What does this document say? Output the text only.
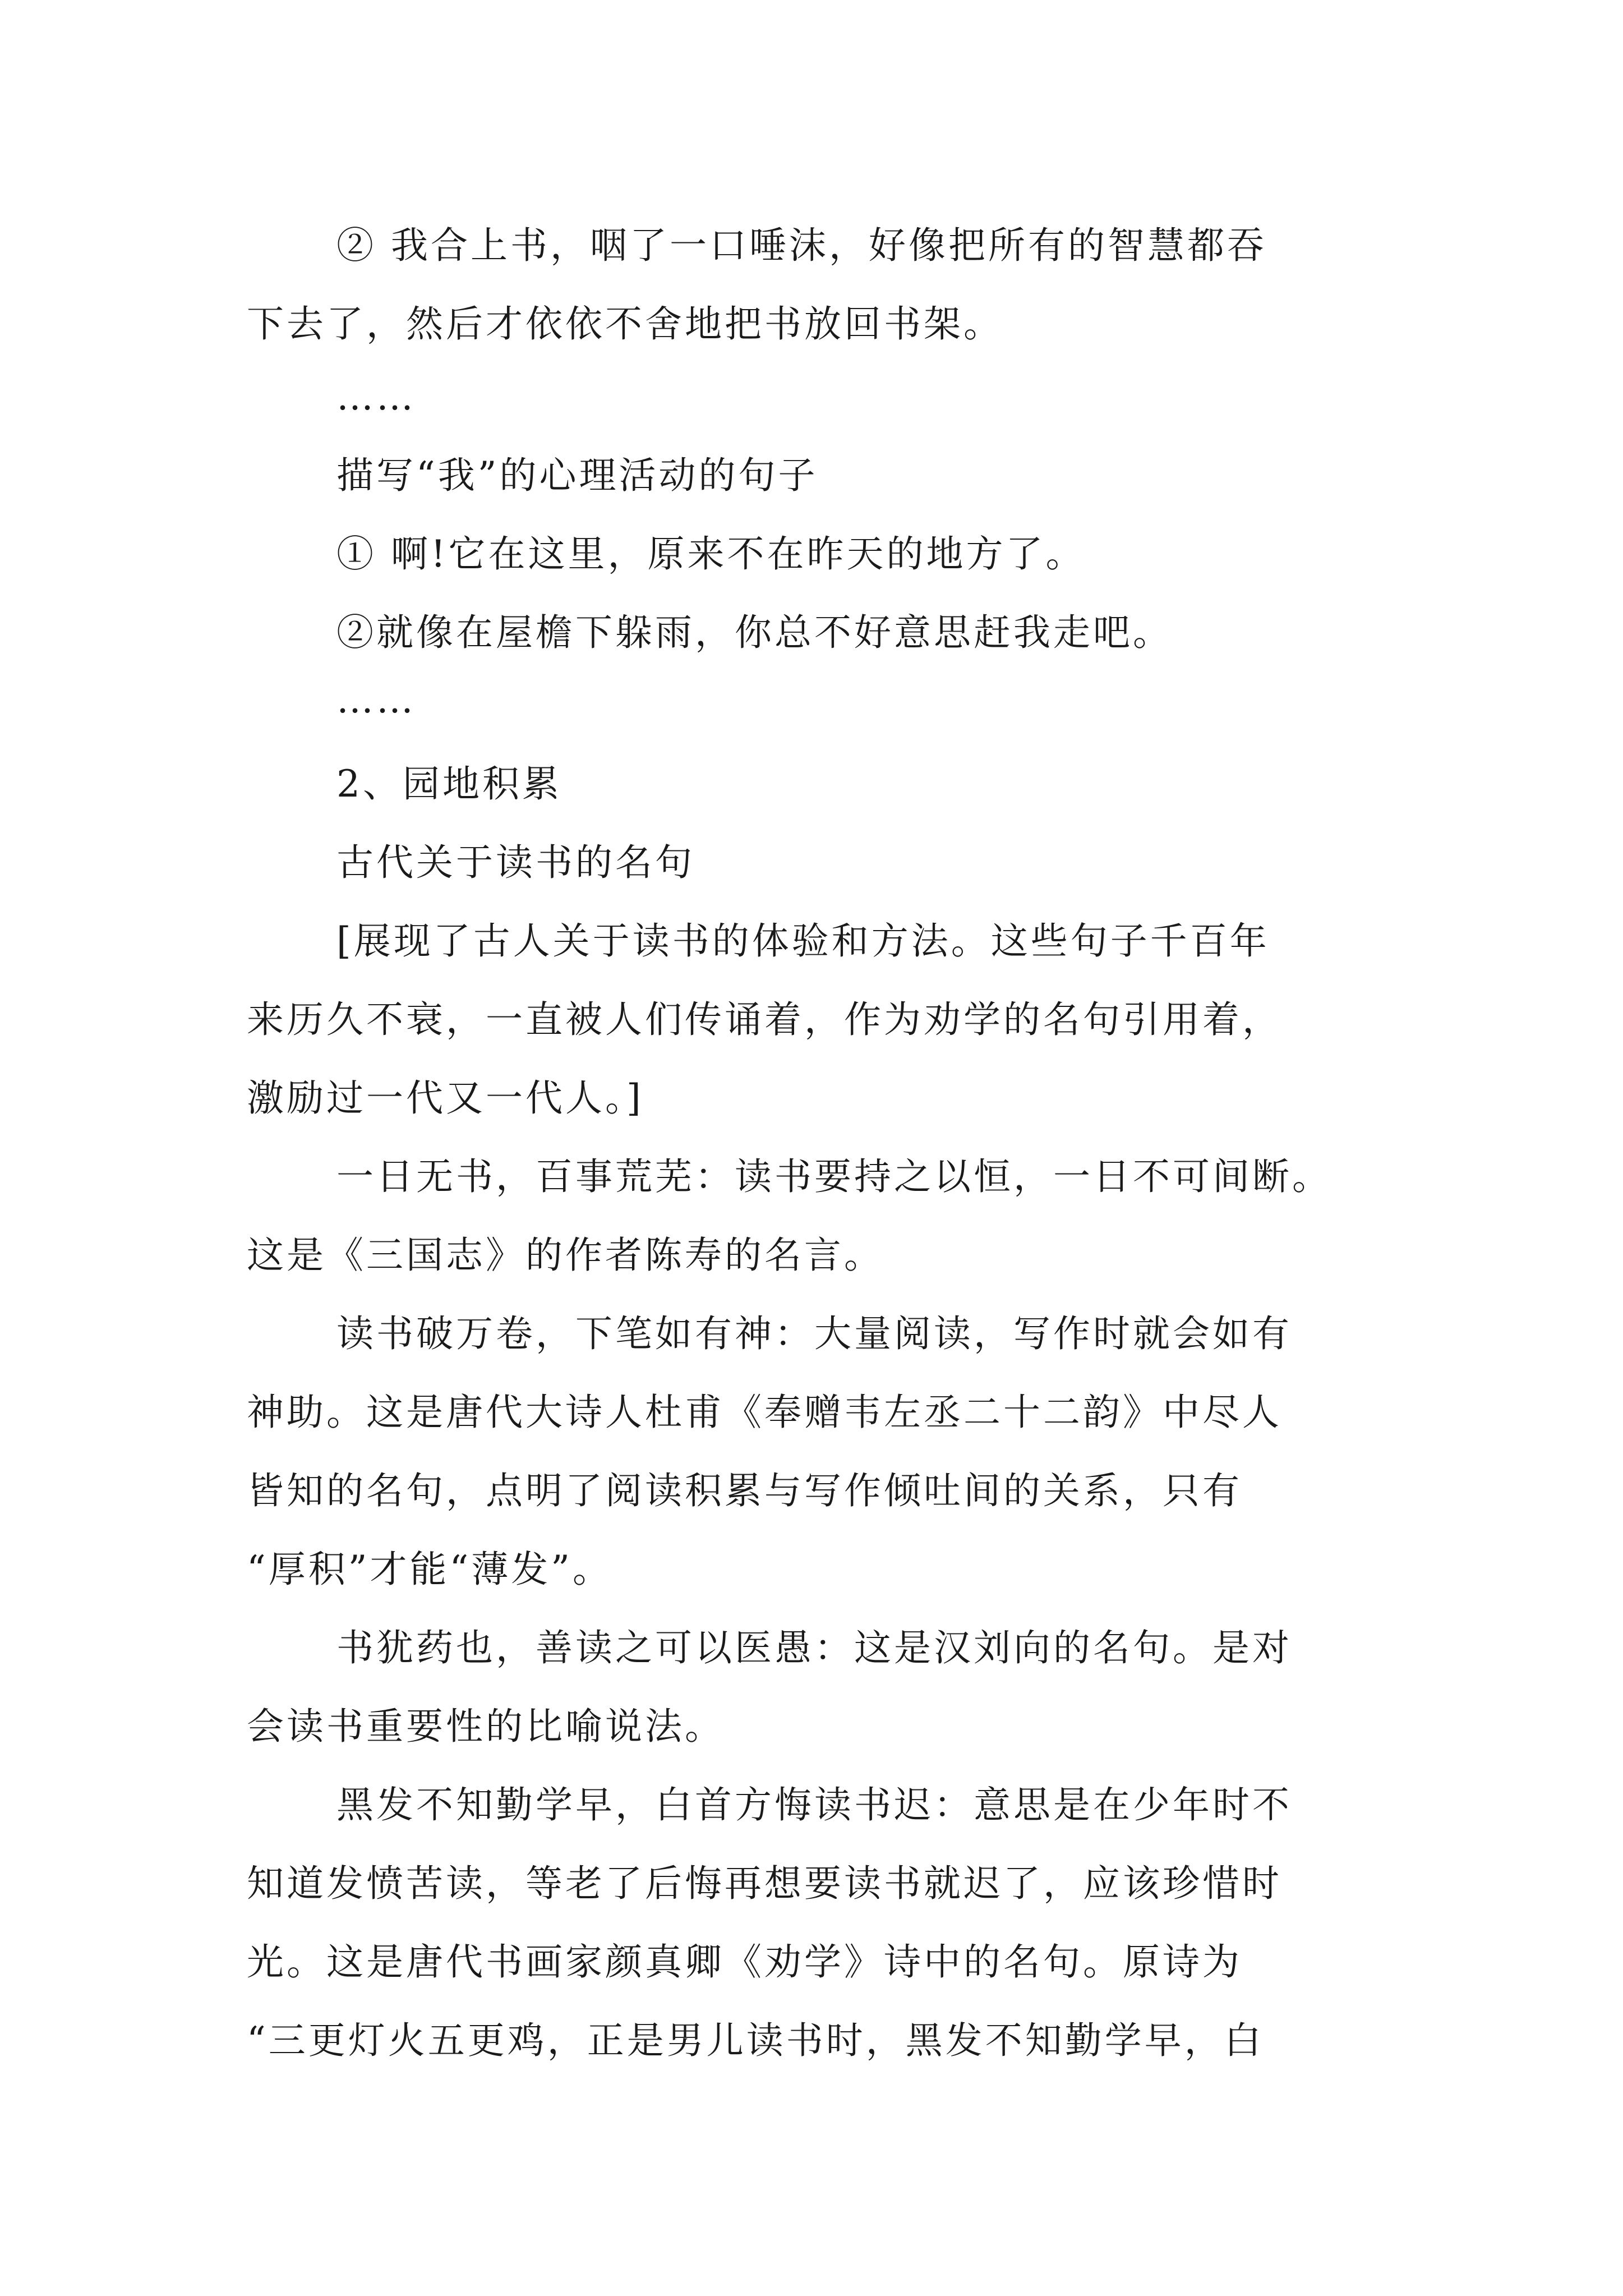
② 我合上书，咽了一口唾沫，好像把所有的智慧都吞
下去了，然后才依依不舍地把书放回书架。
……
描写“我”的心理活动的句子
① 啊!它在这里，原来不在昨天的地方了。
②就像在屋檐下躲雨，你总不好意思赶我走吧。
……
2、园地积累
古代关于读书的名句
[展现了古人关于读书的体验和方法。这些句子千百年
来历久不衰，一直被人们传诵着，作为劝学的名句引用着，
激励过一代又一代人。]
一日无书，百事荒芜：读书要持之以恒，一日不可间断。
这是《三国志》的作者陈寿的名言。
读书破万卷，下笔如有神：大量阅读，写作时就会如有
神助。这是唐代大诗人杜甫《奉赠韦左丞二十二韵》中尽人
皆知的名句，点明了阅读积累与写作倾吐间的关系，只有
“厚积”才能“薄发”。
书犹药也，善读之可以医愚：这是汉刘向的名句。是对
会读书重要性的比喻说法。
黑发不知勤学早，白首方悔读书迟：意思是在少年时不
知道发愤苦读，等老了后悔再想要读书就迟了，应该珍惜时
光。这是唐代书画家颜真卿《劝学》诗中的名句。原诗为
“三更灯火五更鸡，正是男儿读书时，黑发不知勤学早，白
